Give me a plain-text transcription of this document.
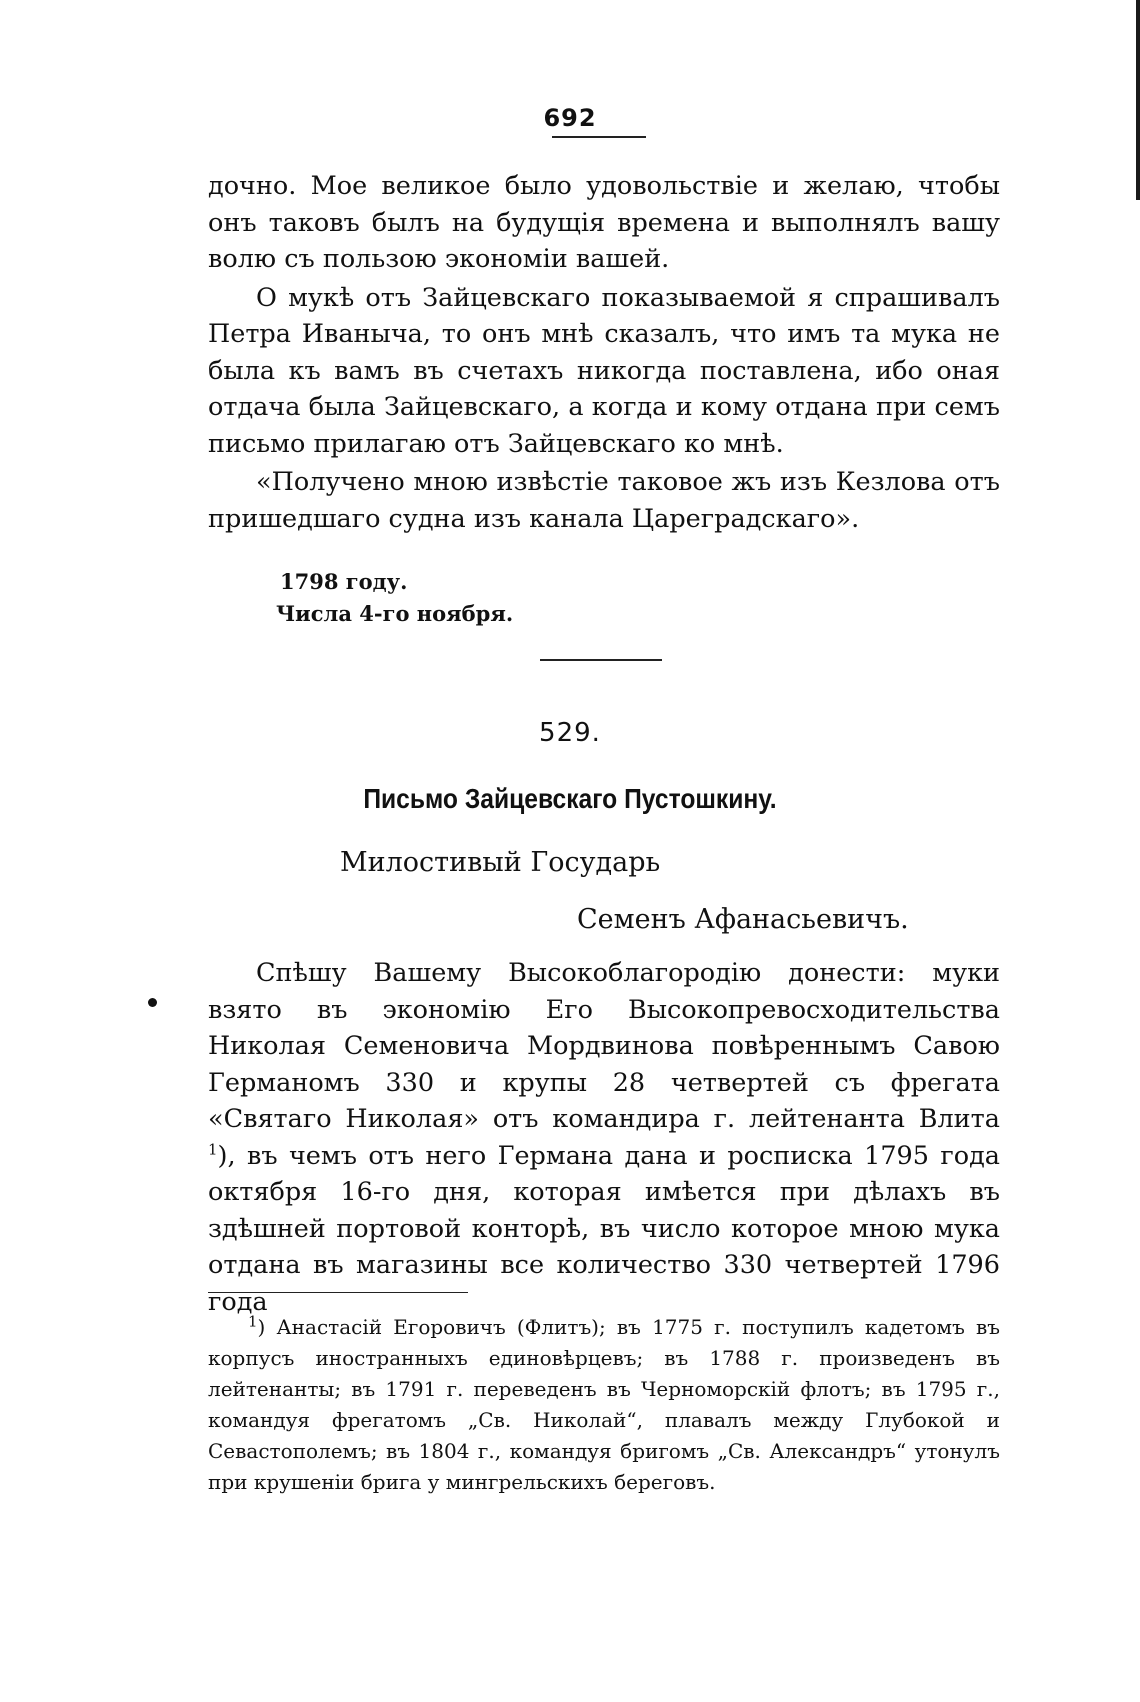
692

дочно. Мое великое было удовольствіе и желаю, чтобы онъ таковъ былъ на будущія времена и выполнялъ вашу волю съ пользою экономіи вашей.

О мукѣ отъ Зайцевскаго показываемой я спрашивалъ Петра Иваныча, то онъ мнѣ сказалъ, что имъ та мука не была къ вамъ въ счетахъ никогда поставлена, ибо оная отдача была Зайцевскаго, а когда и кому отдана при семъ письмо прилагаю отъ Зайцевскаго ко мнѣ.

«Получено мною извѣстіе таковое жъ изъ Кезлова отъ пришедшаго судна изъ канала Цареградскаго».

1798 году.
Числа 4-го ноября.
529.
Письмо Зайцевскаго Пустошкину.
Милостивый Государь
Семенъ Афанасьевичъ.

Спѣшу Вашему Высокоблагородію донести: муки взято въ экономію Его Высокопревосходительства Николая Семеновича Мордвинова повѣреннымъ Савою Германомъ 330 и крупы 28 четвертей съ фрегата «Святаго Николая» отъ командира г. лейтенанта Влита $^1$), въ чемъ отъ него Германа дана и росписка 1795 года октября 16-го дня, которая имѣется при дѣлахъ въ здѣшней портовой конторѣ, въ число которое мною мука отдана въ магазины все количество 330 четвертей 1796 года

$^1$) Анастасій Егоровичъ (Флитъ); въ 1775 г. поступилъ кадетомъ въ корпусъ иностранныхъ единовѣрцевъ; въ 1788 г. произведенъ въ лейтенанты; въ 1791 г. переведенъ въ Черноморскій флотъ; въ 1795 г., командуя фрегатомъ „Св. Николай“, плавалъ между Глубокой и Севастополемъ; въ 1804 г., командуя бригомъ „Св. Александръ“ утонулъ при крушеніи брига у мингрельскихъ береговъ.
